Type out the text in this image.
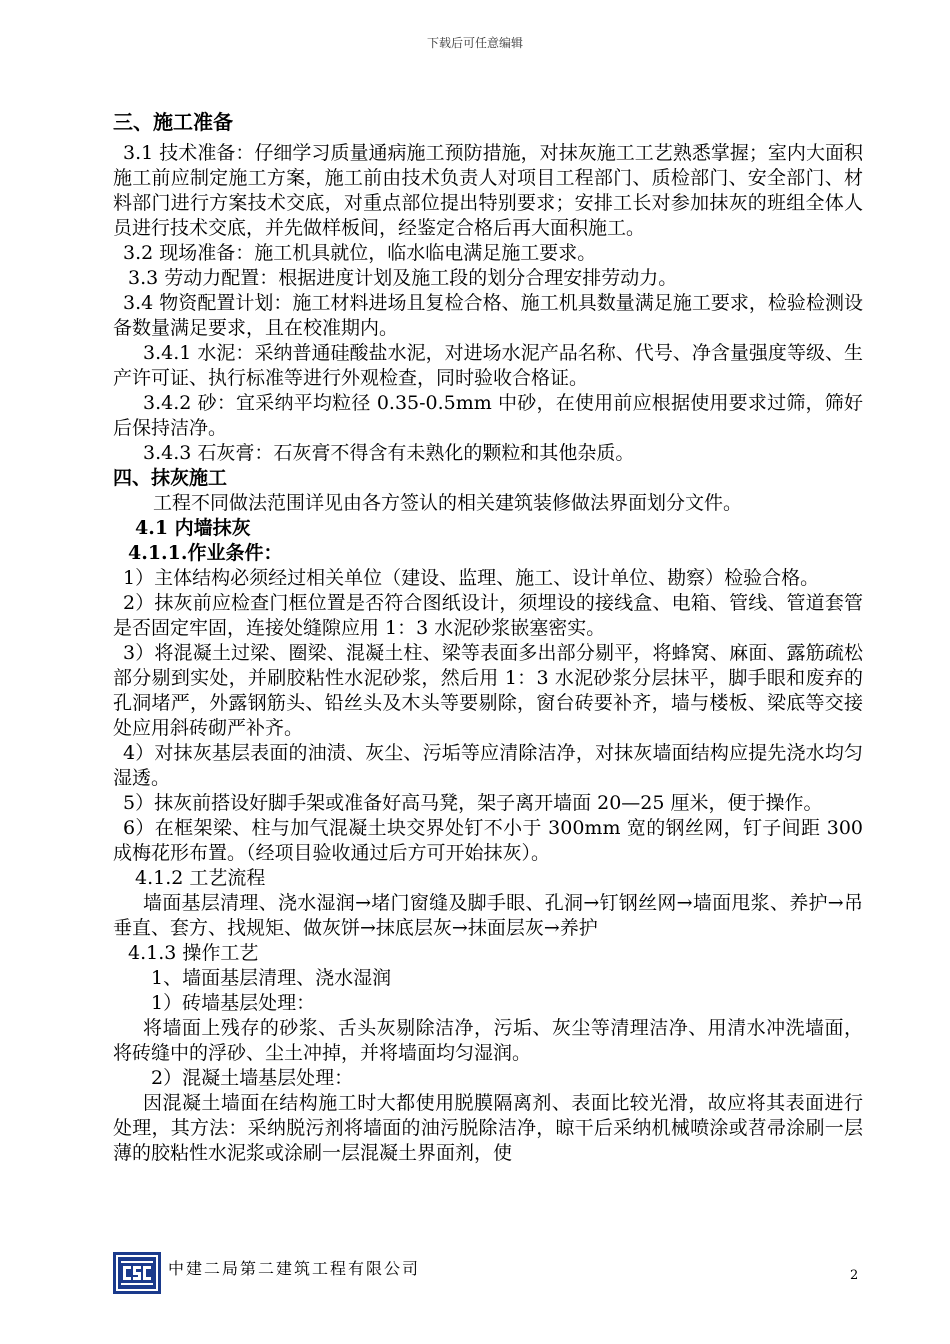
下载后可任意编辑

三、施工准备

3.1 技术准备：仔细学习质量通病施工预防措施，对抹灰施工工艺熟悉掌握；室内大面积施工前应制定施工方案，施工前由技术负责人对项目工程部门、质检部门、安全部门、材料部门进行方案技术交底，对重点部位提出特别要求；安排工长对参加抹灰的班组全体人员进行技术交底，并先做样板间，经鉴定合格后再大面积施工。

3.2 现场准备：施工机具就位，临水临电满足施工要求。

3.3 劳动力配置：根据进度计划及施工段的划分合理安排劳动力。

3.4 物资配置计划：施工材料进场且复检合格、施工机具数量满足施工要求，检验检测设备数量满足要求，且在校准期内。

3.4.1 水泥：采纳普通硅酸盐水泥，对进场水泥产品名称、代号、净含量强度等级、生产许可证、执行标准等进行外观检查，同时验收合格证。

3.4.2 砂：宜采纳平均粒径 0.35-0.5mm 中砂，在使用前应根据使用要求过筛，筛好后保持洁净。

3.4.3 石灰膏：石灰膏不得含有未熟化的颗粒和其他杂质。

四、抹灰施工

工程不同做法范围详见由各方签认的相关建筑装修做法界面划分文件。

4.1 内墙抹灰

4.1.1.作业条件：

1）主体结构必须经过相关单位（建设、监理、施工、设计单位、勘察）检验合格。

2）抹灰前应检查门框位置是否符合图纸设计，须埋设的接线盒、电箱、管线、管道套管是否固定牢固，连接处缝隙应用 1：3 水泥砂浆嵌塞密实。

3）将混凝土过梁、圈梁、混凝土柱、梁等表面多出部分剔平，将蜂窝、麻面、露筋疏松部分剔到实处，并刷胶粘性水泥砂浆，然后用 1：3 水泥砂浆分层抹平，脚手眼和废弃的孔洞堵严，外露钢筋头、铅丝头及木头等要剔除，窗台砖要补齐，墙与楼板、梁底等交接处应用斜砖砌严补齐。

4）对抹灰基层表面的油渍、灰尘、污垢等应清除洁净，对抹灰墙面结构应提先浇水均匀湿透。

5）抹灰前搭设好脚手架或准备好高马凳，架子离开墙面 20—25 厘米，便于操作。

6）在框架梁、柱与加气混凝土块交界处钉不小于 300mm 宽的钢丝网，钉子间距 300 成梅花形布置。（经项目验收通过后方可开始抹灰）。

4.1.2 工艺流程

墙面基层清理、浇水湿润→堵门窗缝及脚手眼、孔洞→钉钢丝网→墙面甩浆、养护→吊垂直、套方、找规矩、做灰饼→抹底层灰→抹面层灰→养护

4.1.3 操作工艺

1、墙面基层清理、浇水湿润

1）砖墙基层处理：

将墙面上残存的砂浆、舌头灰剔除洁净，污垢、灰尘等清理洁净、用清水冲洗墙面，将砖缝中的浮砂、尘土冲掉，并将墙面均匀湿润。

2）混凝土墙基层处理：

因混凝土墙面在结构施工时大都使用脱膜隔离剂、表面比较光滑，故应将其表面进行处理，其方法：采纳脱污剂将墙面的油污脱除洁净，晾干后采纳机械喷涂或苕帚涂刷一层薄的胶粘性水泥浆或涂刷一层混凝土界面剂，使

中建二局第二建筑工程有限公司	2
